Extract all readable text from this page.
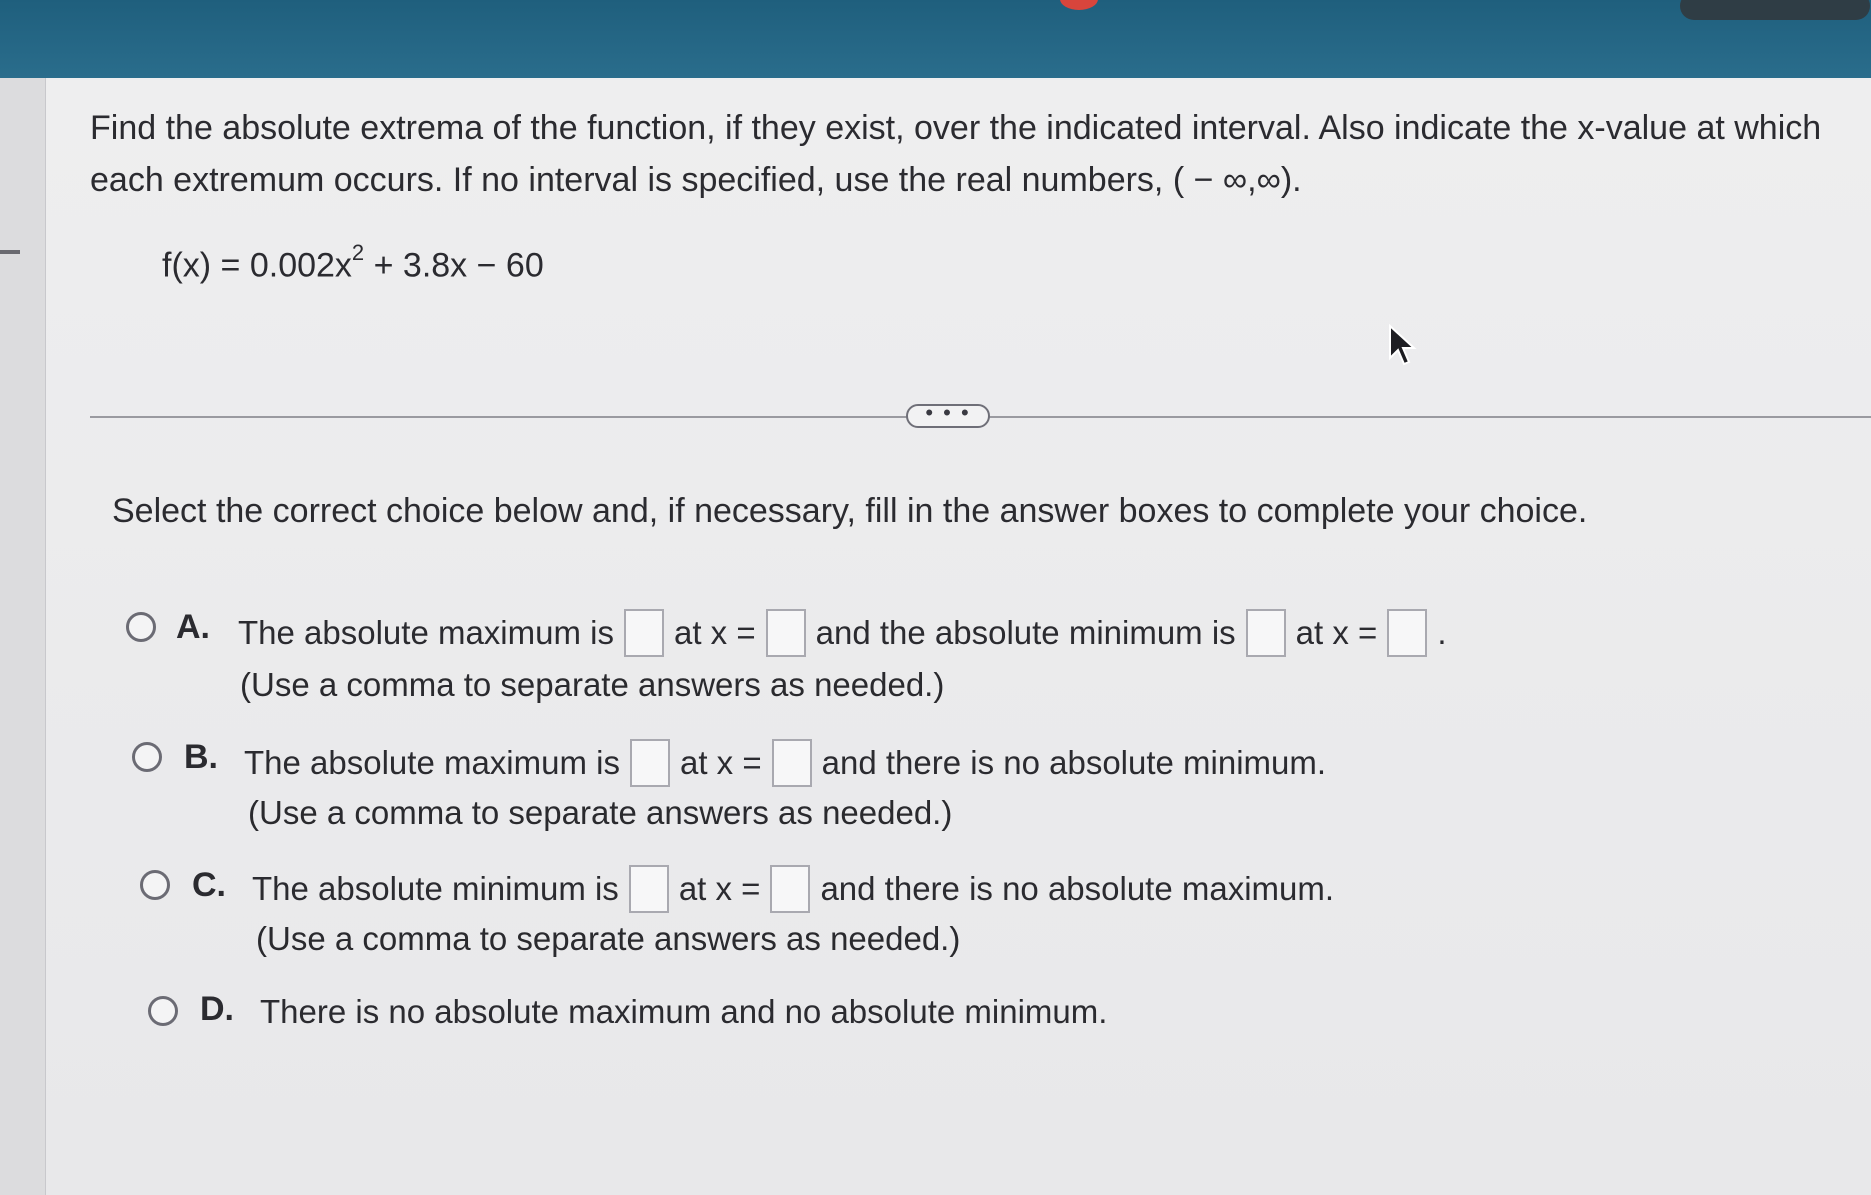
Find the absolute extrema of the function, if they exist, over the indicated interval. Also indicate the x-value at which each extremum occurs. If no interval is specified, use the real numbers, ( − ∞,∞).
$f(x) = 0.002x^2 + 3.8x - 60$
• • •
Select the correct choice below and, if necessary, fill in the answer boxes to complete your choice.
A. The absolute maximum is at x = and the absolute minimum is at x = .
(Use a comma to separate answers as needed.)
B. The absolute maximum is at x = and there is no absolute minimum.
(Use a comma to separate answers as needed.)
C. The absolute minimum is at x = and there is no absolute maximum.
(Use a comma to separate answers as needed.)
D. There is no absolute maximum and no absolute minimum.
